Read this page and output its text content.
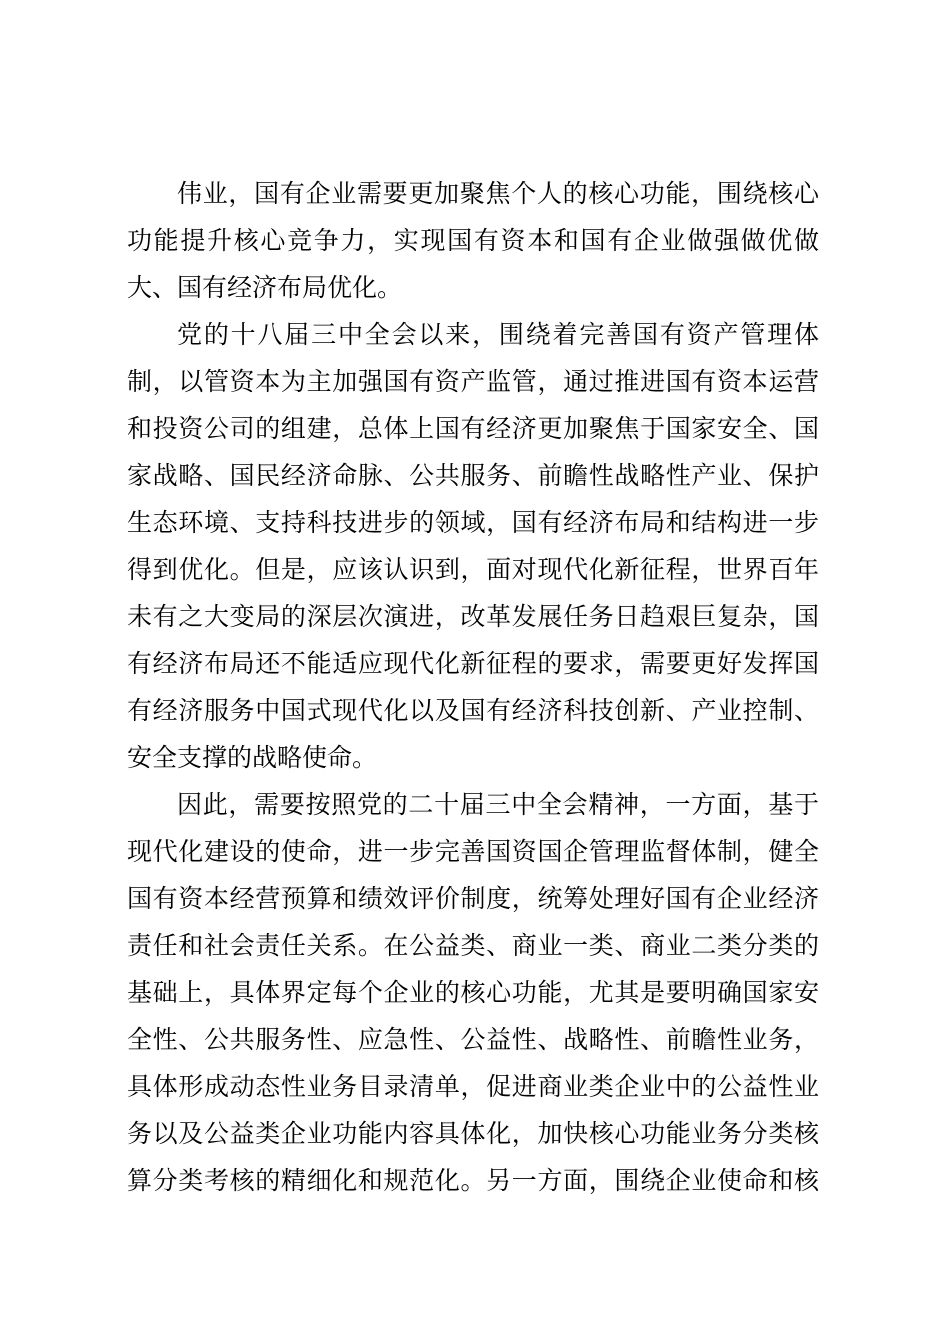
伟业，国有企业需要更加聚焦个人的核心功能，围绕核心
功能提升核心竞争力，实现国有资本和国有企业做强做优做
大、国有经济布局优化。
党的十八届三中全会以来，围绕着完善国有资产管理体
制，以管资本为主加强国有资产监管，通过推进国有资本运营
和投资公司的组建，总体上国有经济更加聚焦于国家安全、国
家战略、国民经济命脉、公共服务、前瞻性战略性产业、保护
生态环境、支持科技进步的领域，国有经济布局和结构进一步
得到优化。但是，应该认识到，面对现代化新征程，世界百年
未有之大变局的深层次演进，改革发展任务日趋艰巨复杂，国
有经济布局还不能适应现代化新征程的要求，需要更好发挥国
有经济服务中国式现代化以及国有经济科技创新、产业控制、
安全支撑的战略使命。
因此，需要按照党的二十届三中全会精神，一方面，基于
现代化建设的使命，进一步完善国资国企管理监督体制，健全
国有资本经营预算和绩效评价制度，统筹处理好国有企业经济
责任和社会责任关系。在公益类、商业一类、商业二类分类的
基础上，具体界定每个企业的核心功能，尤其是要明确国家安
全性、公共服务性、应急性、公益性、战略性、前瞻性业务，
具体形成动态性业务目录清单，促进商业类企业中的公益性业
务以及公益类企业功能内容具体化，加快核心功能业务分类核
算分类考核的精细化和规范化。另一方面，围绕企业使命和核
